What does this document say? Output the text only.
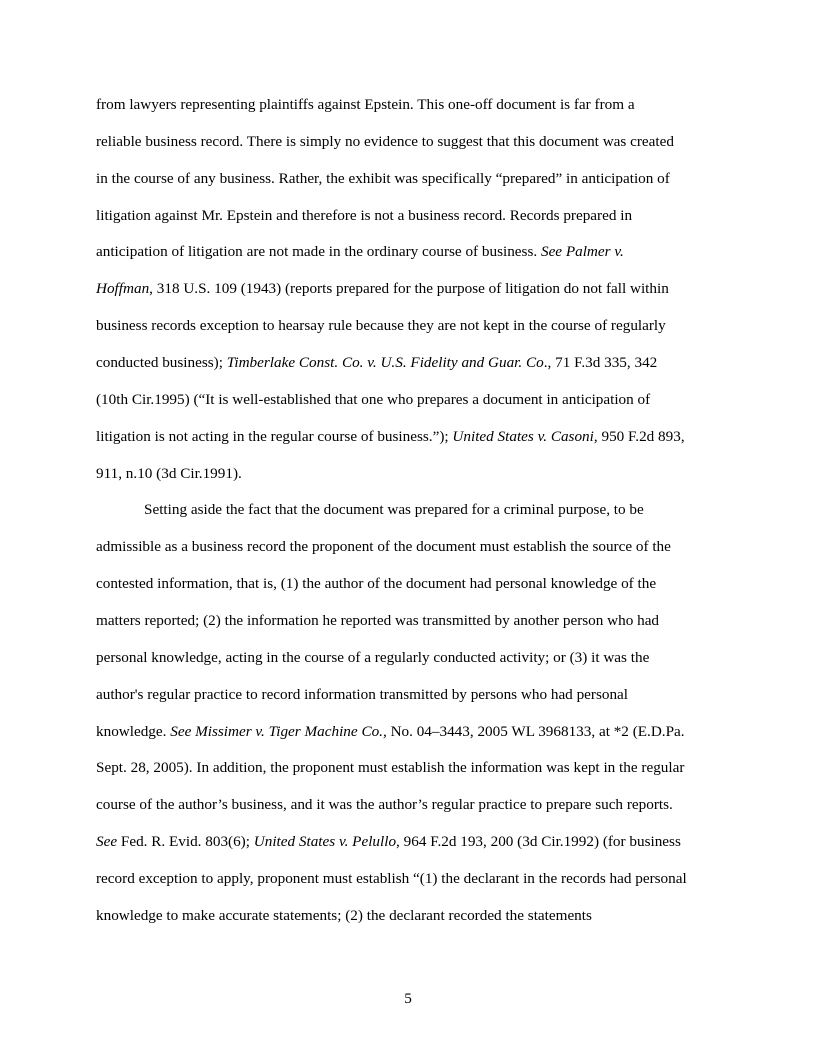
from lawyers representing plaintiffs against Epstein. This one-off document is far from a
reliable business record. There is simply no evidence to suggest that this document was created
in the course of any business. Rather, the exhibit was specifically “prepared” in anticipation of
litigation against Mr. Epstein and therefore is not a business record. Records prepared in
anticipation of litigation are not made in the ordinary course of business. See Palmer v.
Hoffman, 318 U.S. 109 (1943) (reports prepared for the purpose of litigation do not fall within
business records exception to hearsay rule because they are not kept in the course of regularly
conducted business); Timberlake Const. Co. v. U.S. Fidelity and Guar. Co., 71 F.3d 335, 342
(10th Cir.1995) (“It is well-established that one who prepares a document in anticipation of
litigation is not acting in the regular course of business.”); United States v. Casoni, 950 F.2d 893,
911, n.10 (3d Cir.1991).
Setting aside the fact that the document was prepared for a criminal purpose, to be
admissible as a business record the proponent of the document must establish the source of the
contested information, that is, (1) the author of the document had personal knowledge of the
matters reported; (2) the information he reported was transmitted by another person who had
personal knowledge, acting in the course of a regularly conducted activity; or (3) it was the
author's regular practice to record information transmitted by persons who had personal
knowledge. See Missimer v. Tiger Machine Co., No. 04–3443, 2005 WL 3968133, at *2 (E.D.Pa.
Sept. 28, 2005). In addition, the proponent must establish the information was kept in the regular
course of the author’s business, and it was the author’s regular practice to prepare such reports.
See Fed. R. Evid. 803(6); United States v. Pelullo, 964 F.2d 193, 200 (3d Cir.1992) (for business
record exception to apply, proponent must establish “(1) the declarant in the records had personal
knowledge to make accurate statements; (2) the declarant recorded the statements
5
